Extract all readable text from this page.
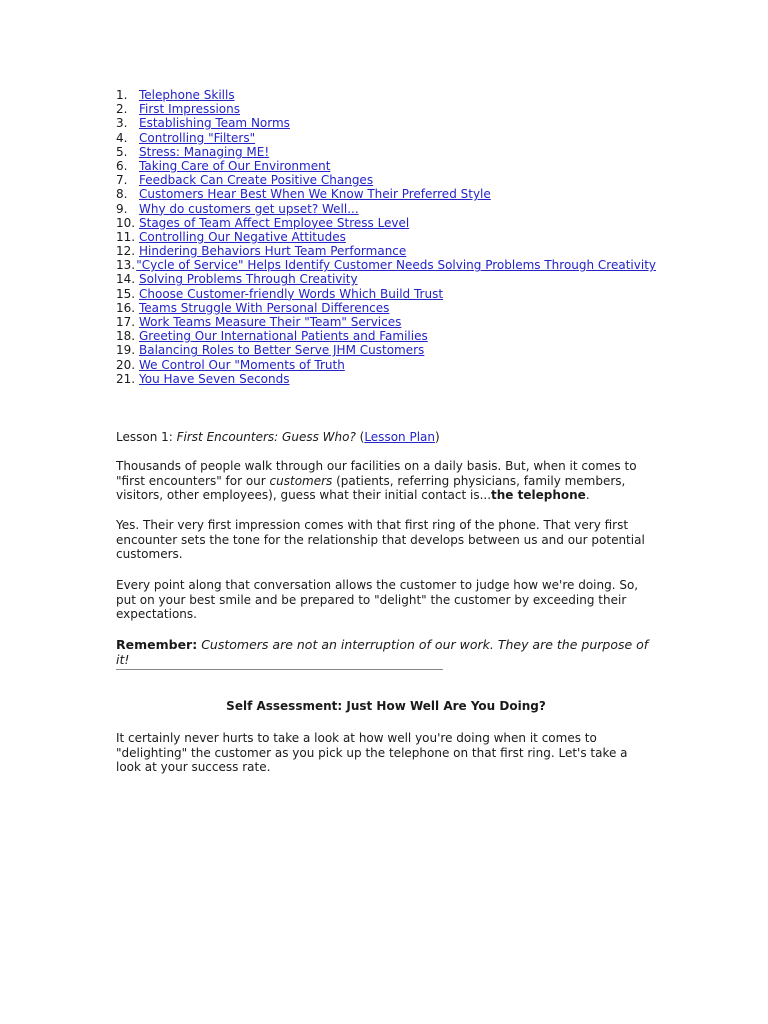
1. Telephone Skills
2. First Impressions
3. Establishing Team Norms
4. Controlling "Filters"
5. Stress: Managing ME!
6. Taking Care of Our Environment
7. Feedback Can Create Positive Changes
8. Customers Hear Best When We Know Their Preferred Style
9. Why do customers get upset? Well...
10. Stages of Team Affect Employee Stress Level
11. Controlling Our Negative Attitudes
12. Hindering Behaviors Hurt Team Performance
13. "Cycle of Service" Helps Identify Customer Needs Solving Problems Through Creativity
14. Solving Problems Through Creativity
15. Choose Customer-friendly Words Which Build Trust
16. Teams Struggle With Personal Differences
17. Work Teams Measure Their "Team" Services
18. Greeting Our International Patients and Families
19. Balancing Roles to Better Serve JHM Customers
20. We Control Our "Moments of Truth
21. You Have Seven Seconds
Lesson 1: First Encounters: Guess Who? (Lesson Plan)

Thousands of people walk through our facilities on a daily basis. But, when it comes to "first encounters" for our customers (patients, referring physicians, family members, visitors, other employees), guess what their initial contact is...the telephone.

Yes. Their very first impression comes with that first ring of the phone. That very first encounter sets the tone for the relationship that develops between us and our potential customers.

Every point along that conversation allows the customer to judge how we're doing. So, put on your best smile and be prepared to "delight" the customer by exceeding their expectations.

Remember: Customers are not an interruption of our work. They are the purpose of it!
Self Assessment: Just How Well Are You Doing?

It certainly never hurts to take a look at how well you're doing when it comes to "delighting" the customer as you pick up the telephone on that first ring. Let's take a look at your success rate.
